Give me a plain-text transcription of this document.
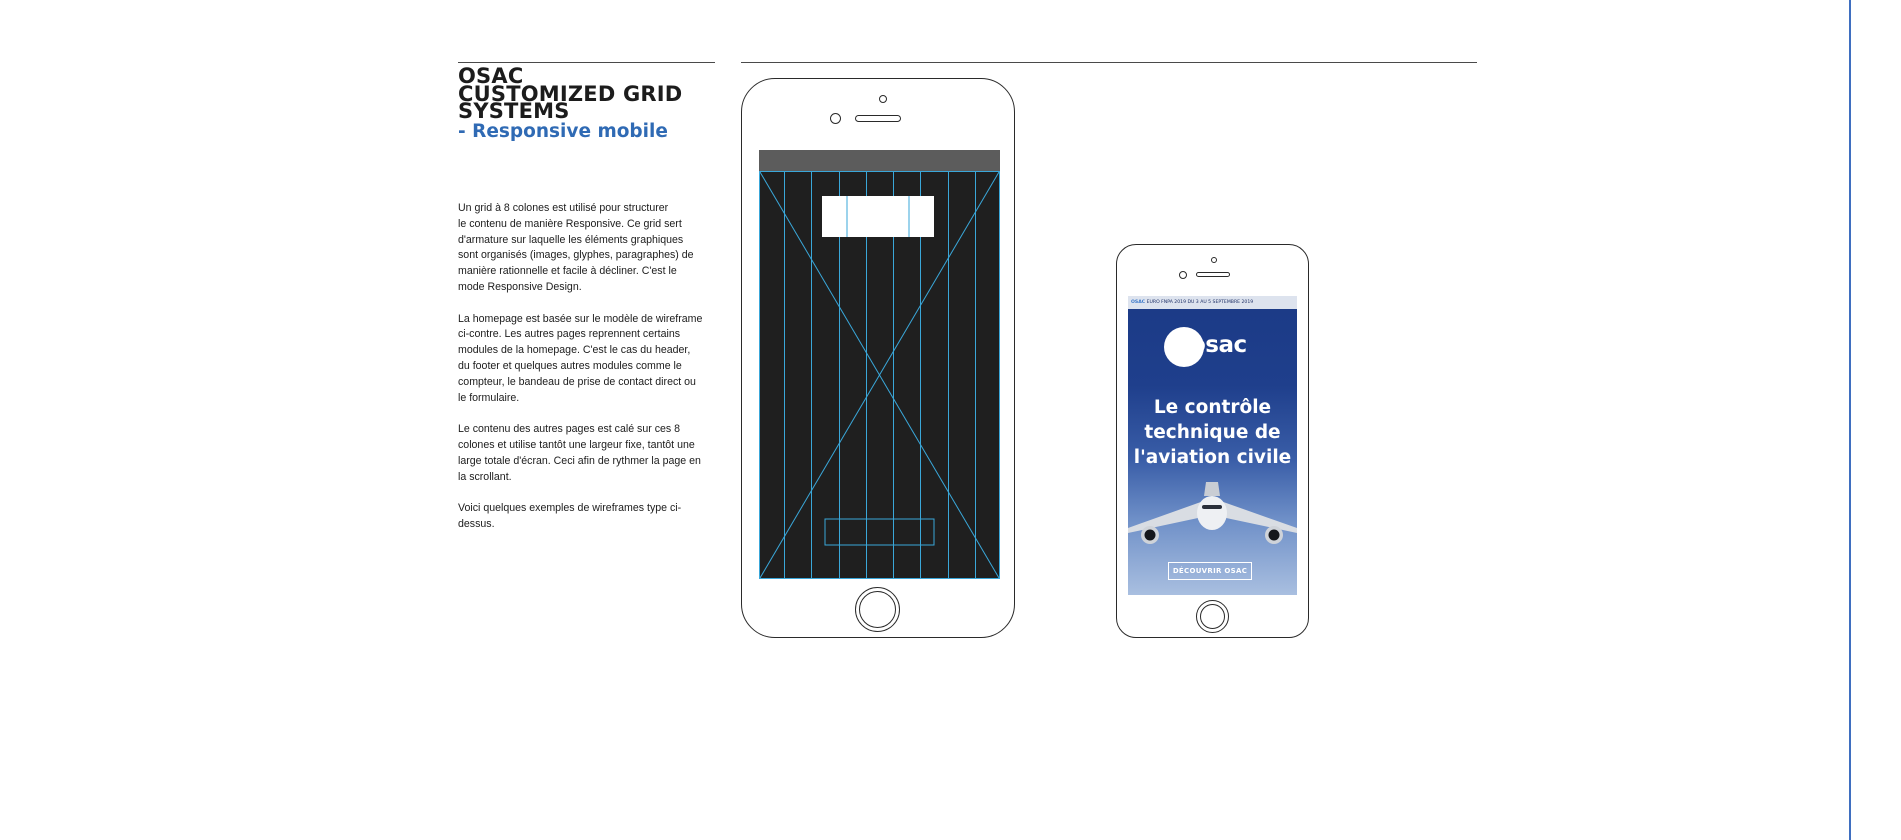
OSAC
CUSTOMIZED GRID
SYSTEMS
- Responsive mobile

Un grid à 8 colones est utilisé pour structurer
le contenu de manière Responsive. Ce grid sert
d'armature sur laquelle les éléments graphiques
sont organisés (images, glyphes, paragraphes) de
manière rationnelle et facile à décliner. C'est le
mode Responsive Design.

La homepage est basée sur le modèle de wireframe
ci-contre. Les autres pages reprennent certains
modules de la homepage. C'est le cas du header,
du footer et quelques autres modules comme le
compteur, le bandeau de prise de contact direct ou
le formulaire.

Le contenu des autres pages est calé sur ces 8
colones et utilise tantôt une largeur fixe, tantôt une
large totale d'écran. Ceci afin de rythmer la page en
la scrollant.

Voici quelques exemples de wireframes type ci-
dessus.

OSAC EURO FNPA 2019 DU 3 AU 5 SEPTEMBRE 2019
osac
Le contrôle
technique de
l'aviation civile
DÉCOUVRIR OSAC
